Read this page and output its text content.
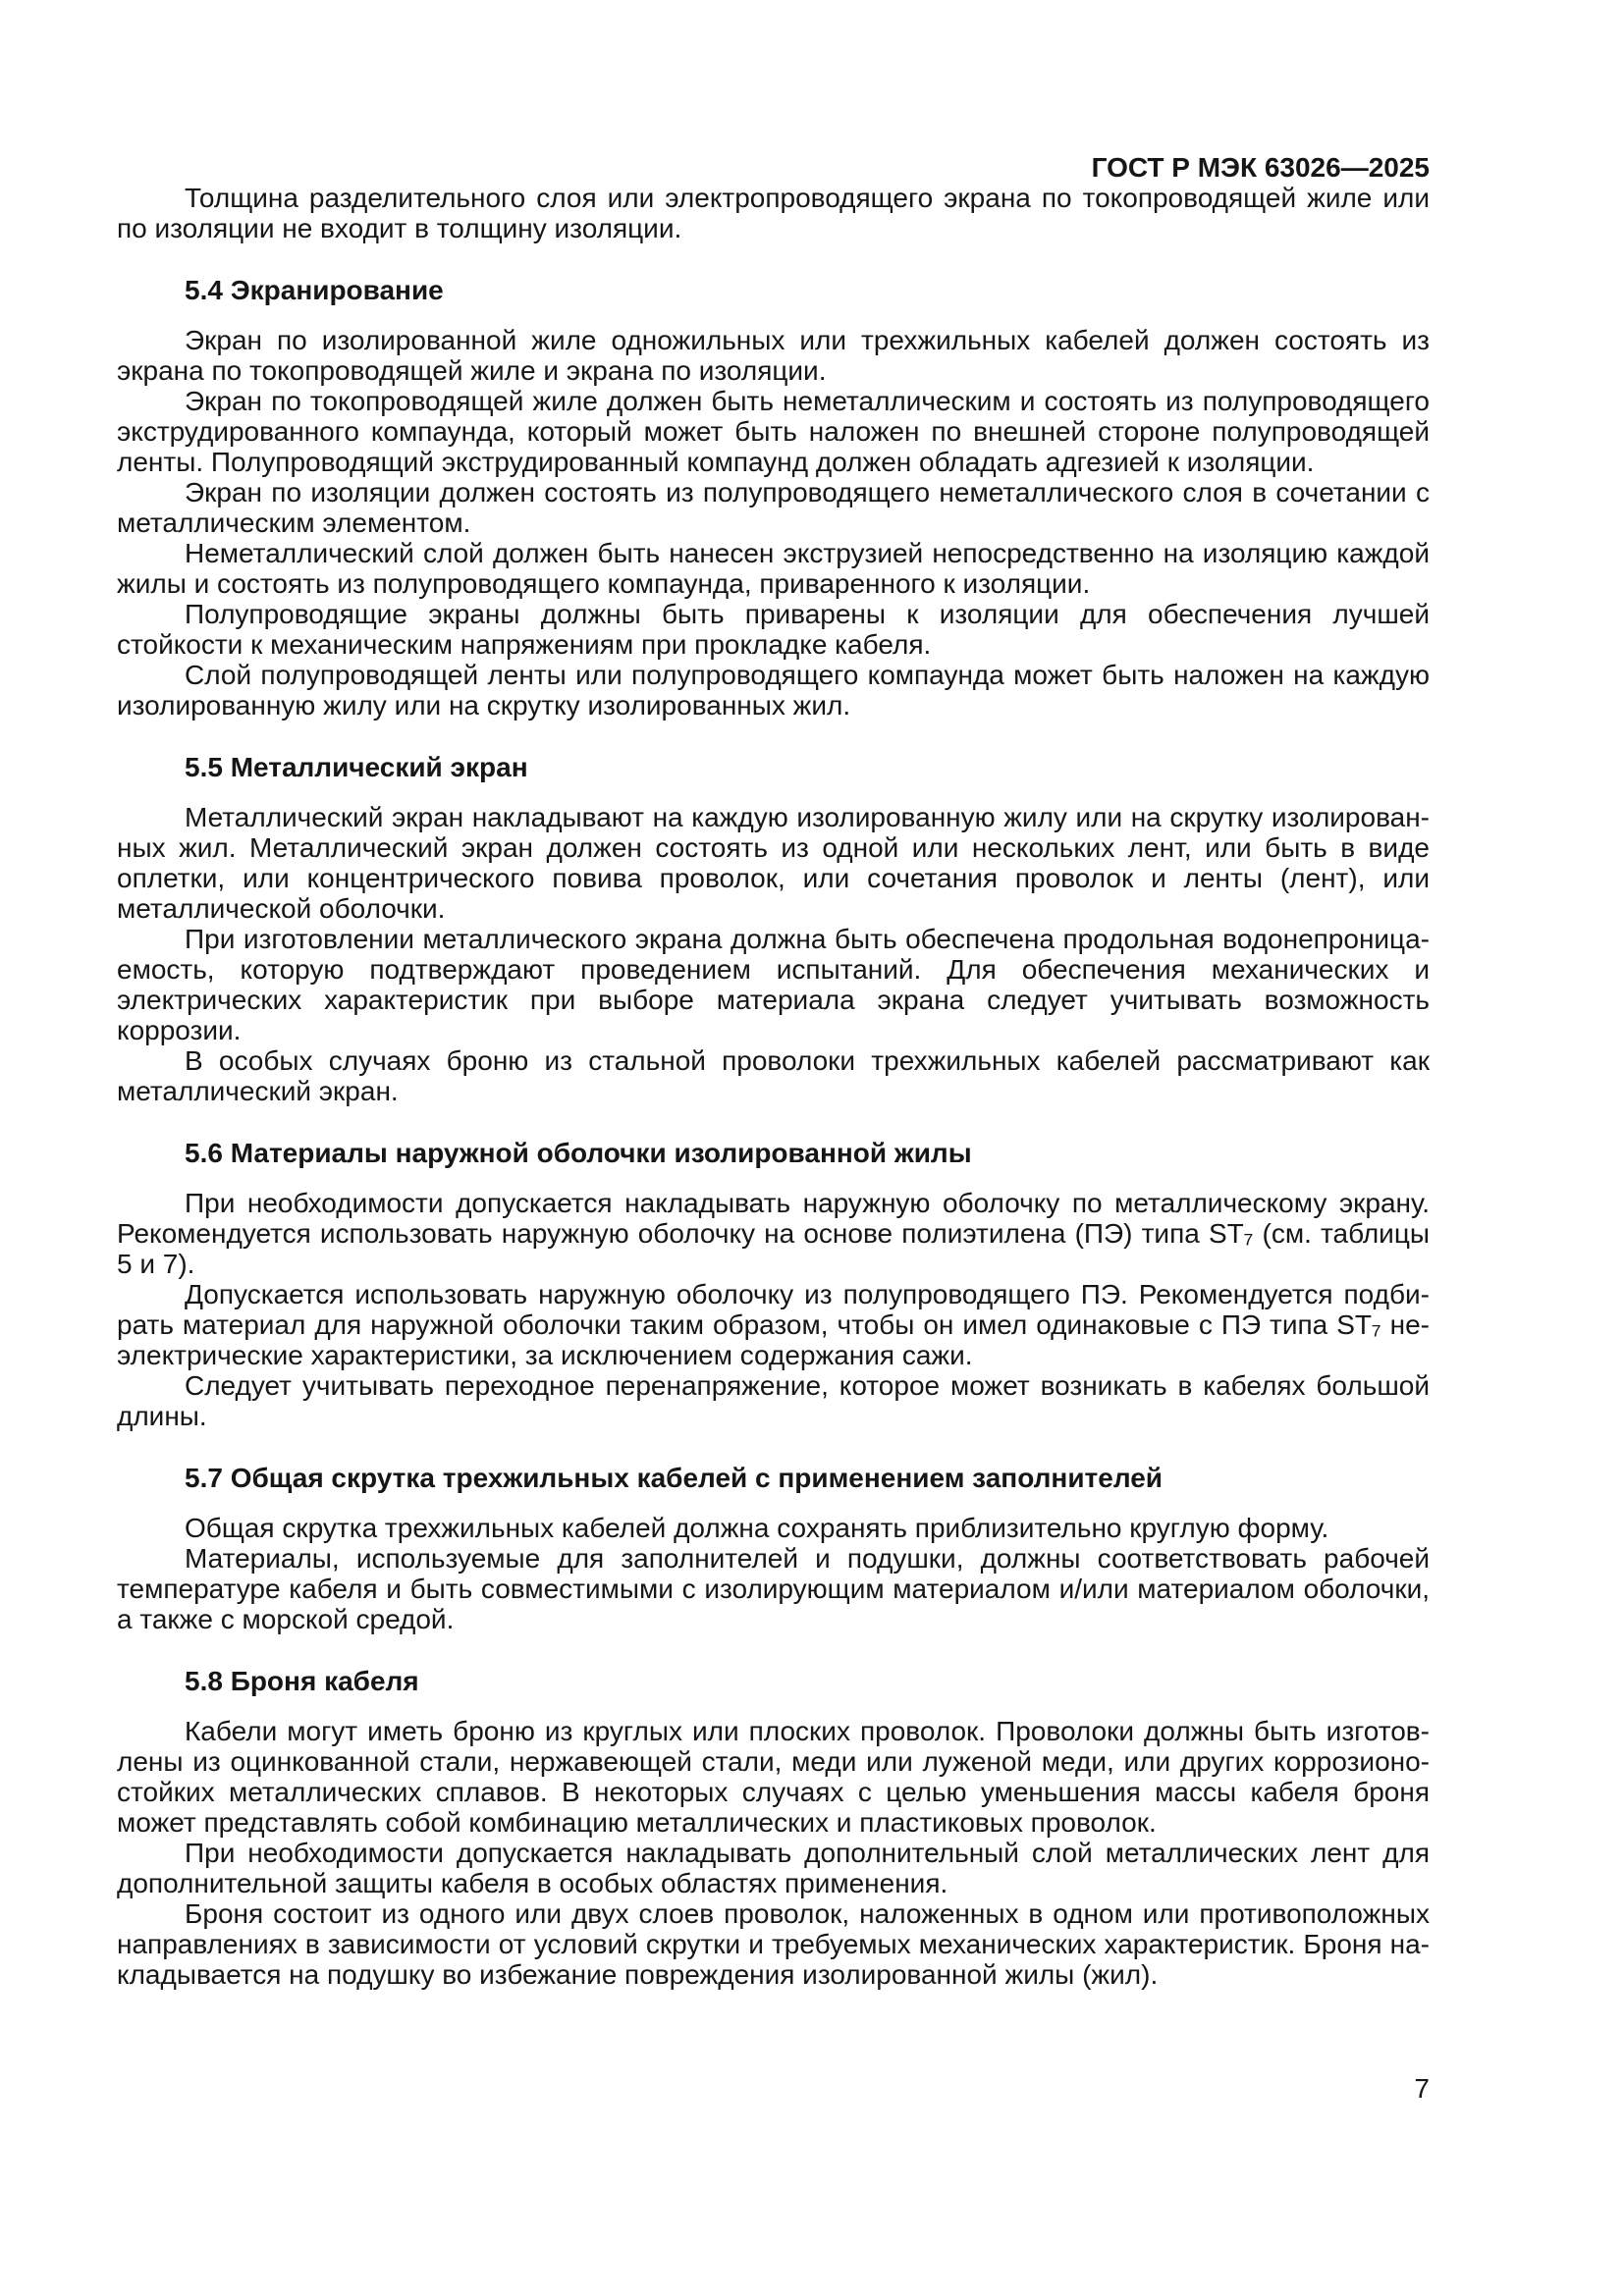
ГОСТ Р МЭК 63026—2025

Толщина разделительного слоя или электропроводящего экрана по токопроводящей жиле или по изоляции не входит в толщину изоляции.

5.4 Экранирование

Экран по изолированной жиле одножильных или трехжильных кабелей должен состоять из экрана по токопроводящей жиле и экрана по изоляции.

Экран по токопроводящей жиле должен быть неметаллическим и состоять из полупроводящего экструдированного компаунда, который может быть наложен по внешней стороне полупроводящей ленты. Полупроводящий экструдированный компаунд должен обладать адгезией к изоляции.

Экран по изоляции должен состоять из полупроводящего неметаллического слоя в сочетании с металлическим элементом.

Неметаллический слой должен быть нанесен экструзией непосредственно на изоляцию каждой жилы и состоять из полупроводящего компаунда, приваренного к изоляции.

Полупроводящие экраны должны быть приварены к изоляции для обеспечения лучшей стойкости к механическим напряжениям при прокладке кабеля.

Слой полупроводящей ленты или полупроводящего компаунда может быть наложен на каждую изолированную жилу или на скрутку изолированных жил.

5.5 Металлический экран

Металлический экран накладывают на каждую изолированную жилу или на скрутку изолированных жил. Металлический экран должен состоять из одной или нескольких лент, или быть в виде оплетки, или концентрического повива проволок, или сочетания проволок и ленты (лент), или металлической оболочки.

При изготовлении металлического экрана должна быть обеспечена продольная водонепроницаемость, которую подтверждают проведением испытаний. Для обеспечения механических и электрических характеристик при выборе материала экрана следует учитывать возможность коррозии.

В особых случаях броню из стальной проволоки трехжильных кабелей рассматривают как металлический экран.

5.6 Материалы наружной оболочки изолированной жилы

При необходимости допускается накладывать наружную оболочку по металлическому экрану. Рекомендуется использовать наружную оболочку на основе полиэтилена (ПЭ) типа ST₇ (см. таблицы 5 и 7).

Допускается использовать наружную оболочку из полупроводящего ПЭ. Рекомендуется подбирать материал для наружной оболочки таким образом, чтобы он имел одинаковые с ПЭ типа ST₇ неэлектрические характеристики, за исключением содержания сажи.

Следует учитывать переходное перенапряжение, которое может возникать в кабелях большой длины.

5.7 Общая скрутка трехжильных кабелей с применением заполнителей

Общая скрутка трехжильных кабелей должна сохранять приблизительно круглую форму.

Материалы, используемые для заполнителей и подушки, должны соответствовать рабочей температуре кабеля и быть совместимыми с изолирующим материалом и/или материалом оболочки, а также с морской средой.

5.8 Броня кабеля

Кабели могут иметь броню из круглых или плоских проволок. Проволоки должны быть изготовлены из оцинкованной стали, нержавеющей стали, меди или луженой меди, или других коррозионостойких металлических сплавов. В некоторых случаях с целью уменьшения массы кабеля броня может представлять собой комбинацию металлических и пластиковых проволок.

При необходимости допускается накладывать дополнительный слой металлических лент для дополнительной защиты кабеля в особых областях применения.

Броня состоит из одного или двух слоев проволок, наложенных в одном или противоположных направлениях в зависимости от условий скрутки и требуемых механических характеристик. Броня накладывается на подушку во избежание повреждения изолированной жилы (жил).

7
